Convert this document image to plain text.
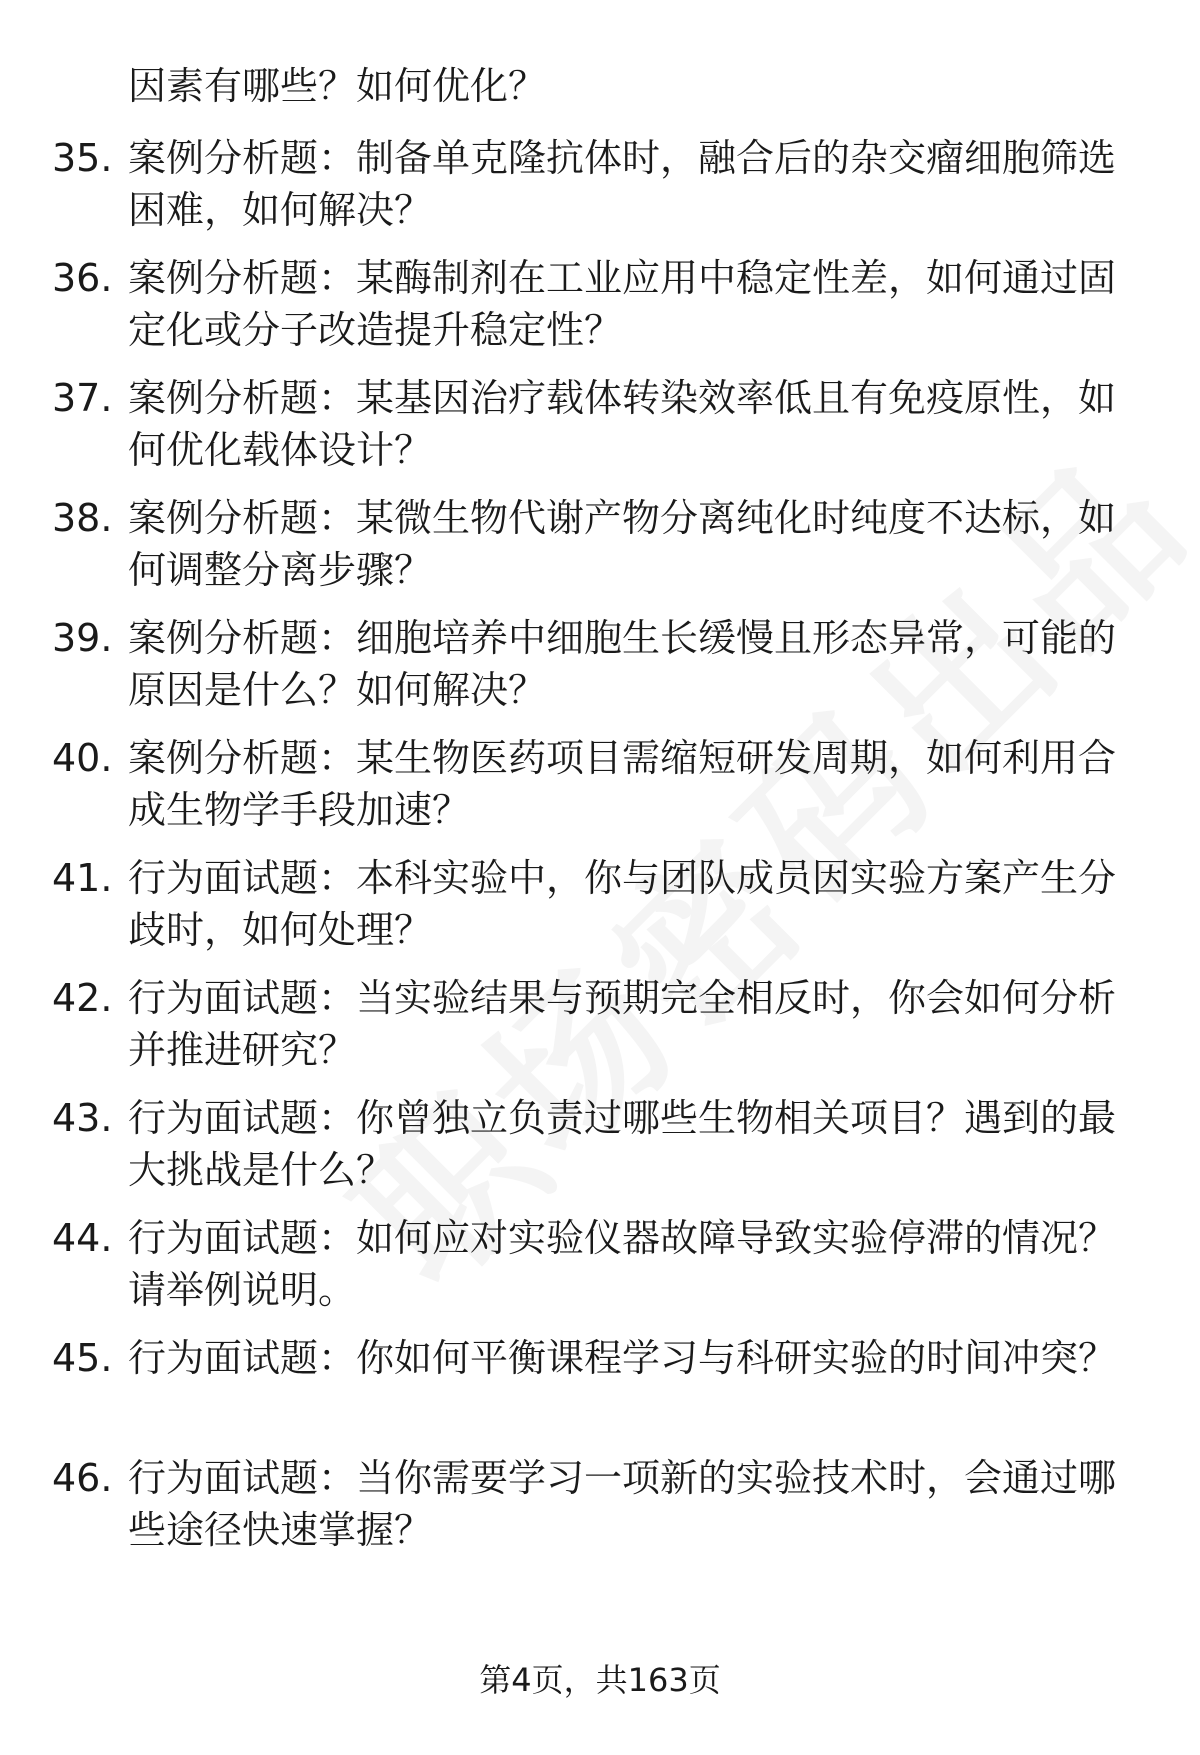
因素有哪些？如何优化？
35. 案例分析题：制备单克隆抗体时，融合后的杂交瘤细胞筛选困难，如何解决？
36. 案例分析题：某酶制剂在工业应用中稳定性差，如何通过固定化或分子改造提升稳定性？
37. 案例分析题：某基因治疗载体转染效率低且有免疫原性，如何优化载体设计？
38. 案例分析题：某微生物代谢产物分离纯化时纯度不达标，如何调整分离步骤？
39. 案例分析题：细胞培养中细胞生长缓慢且形态异常，可能的原因是什么？如何解决？
40. 案例分析题：某生物医药项目需缩短研发周期，如何利用合成生物学手段加速？
41. 行为面试题：本科实验中，你与团队成员因实验方案产生分歧时，如何处理？
42. 行为面试题：当实验结果与预期完全相反时，你会如何分析并推进研究？
43. 行为面试题：你曾独立负责过哪些生物相关项目？遇到的最大挑战是什么？
44. 行为面试题：如何应对实验仪器故障导致实验停滞的情况？请举例说明。
45. 行为面试题：你如何平衡课程学习与科研实验的时间冲突？
46. 行为面试题：当你需要学习一项新的实验技术时，会通过哪些途径快速掌握？
第4页，共163页
